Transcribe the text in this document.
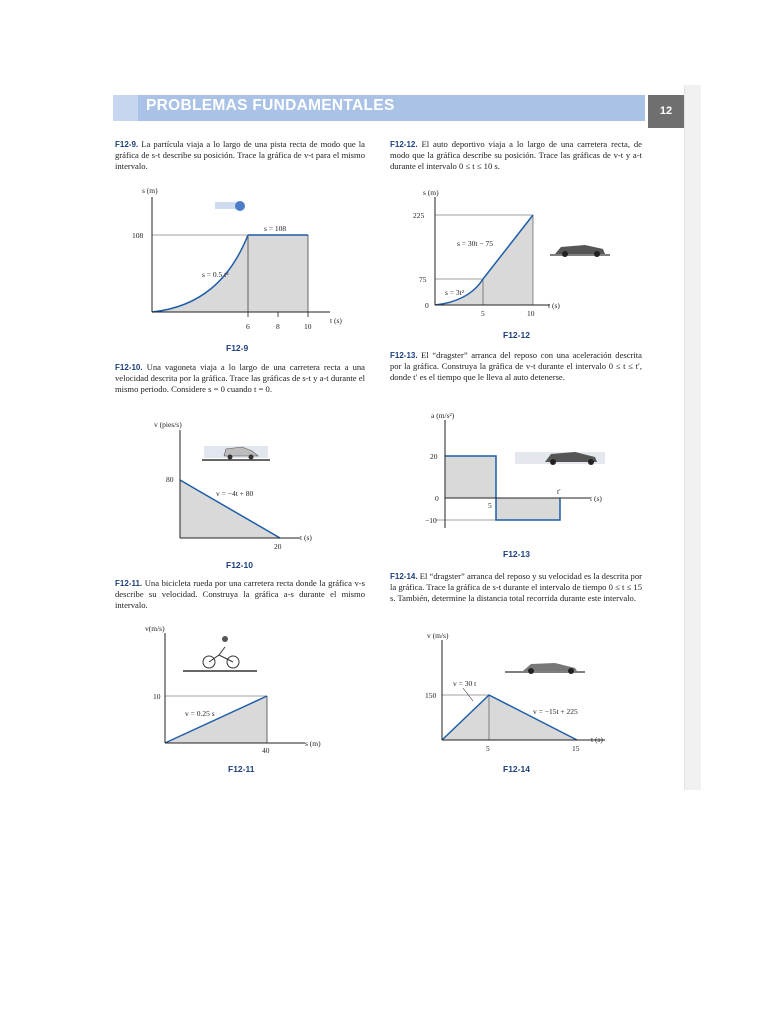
PROBLEMAS FUNDAMENTALES	12
F12-9. La partícula viaja a lo largo de una pista recta de modo que la gráfica de s-t describe su posición. Trace la gráfica de v-t para el mismo intervalo.
s (m)
t (s)
108
6	8	10
s = 0.5 t³
s = 108
F12-9
F12-10. Una vagoneta viaja a lo largo de una carretera recta a una velocidad descrita por la gráfica. Trace las gráficas de s-t y a-t durante el mismo periodo. Considere s = 0 cuando t = 0.
v (pies/s)
t (s)
80
20
v = −4t + 80
F12-10
F12-11. Una bicicleta rueda por una carretera recta donde la gráfica v-s describe su velocidad. Construya la gráfica a-s durante el mismo intervalo.
v(m/s)
s (m)
10
40
v = 0.25 s
F12-11
F12-12. El auto deportivo viaja a lo largo de una carretera recta, de modo que la gráfica describe su posición. Trace las gráficas de v-t y a-t durante el intervalo 0 ≤ t ≤ 10 s.
s (m)
t (s)
225
75
0
5	10
s = 30t − 75
s = 3t²
F12-12
F12-13. El “dragster” arranca del reposo con una aceleración descrita por la gráfica. Construya la gráfica de v-t durante el intervalo 0 ≤ t ≤ t′, donde t′ es el tiempo que le lleva al auto detenerse.
a (m/s²)
t (s)
20
0
−10
5
t′
F12-13
F12-14. El “dragster” arranca del reposo y su velocidad es la descrita por la gráfica. Trace la gráfica de s-t durante el intervalo de tiempo 0 ≤ t ≤ 15 s. También, determine la distancia total recorrida durante este intervalo.
v (m/s)
t (s)
150
5	15
v = 30 t
v = −15t + 225
F12-14
